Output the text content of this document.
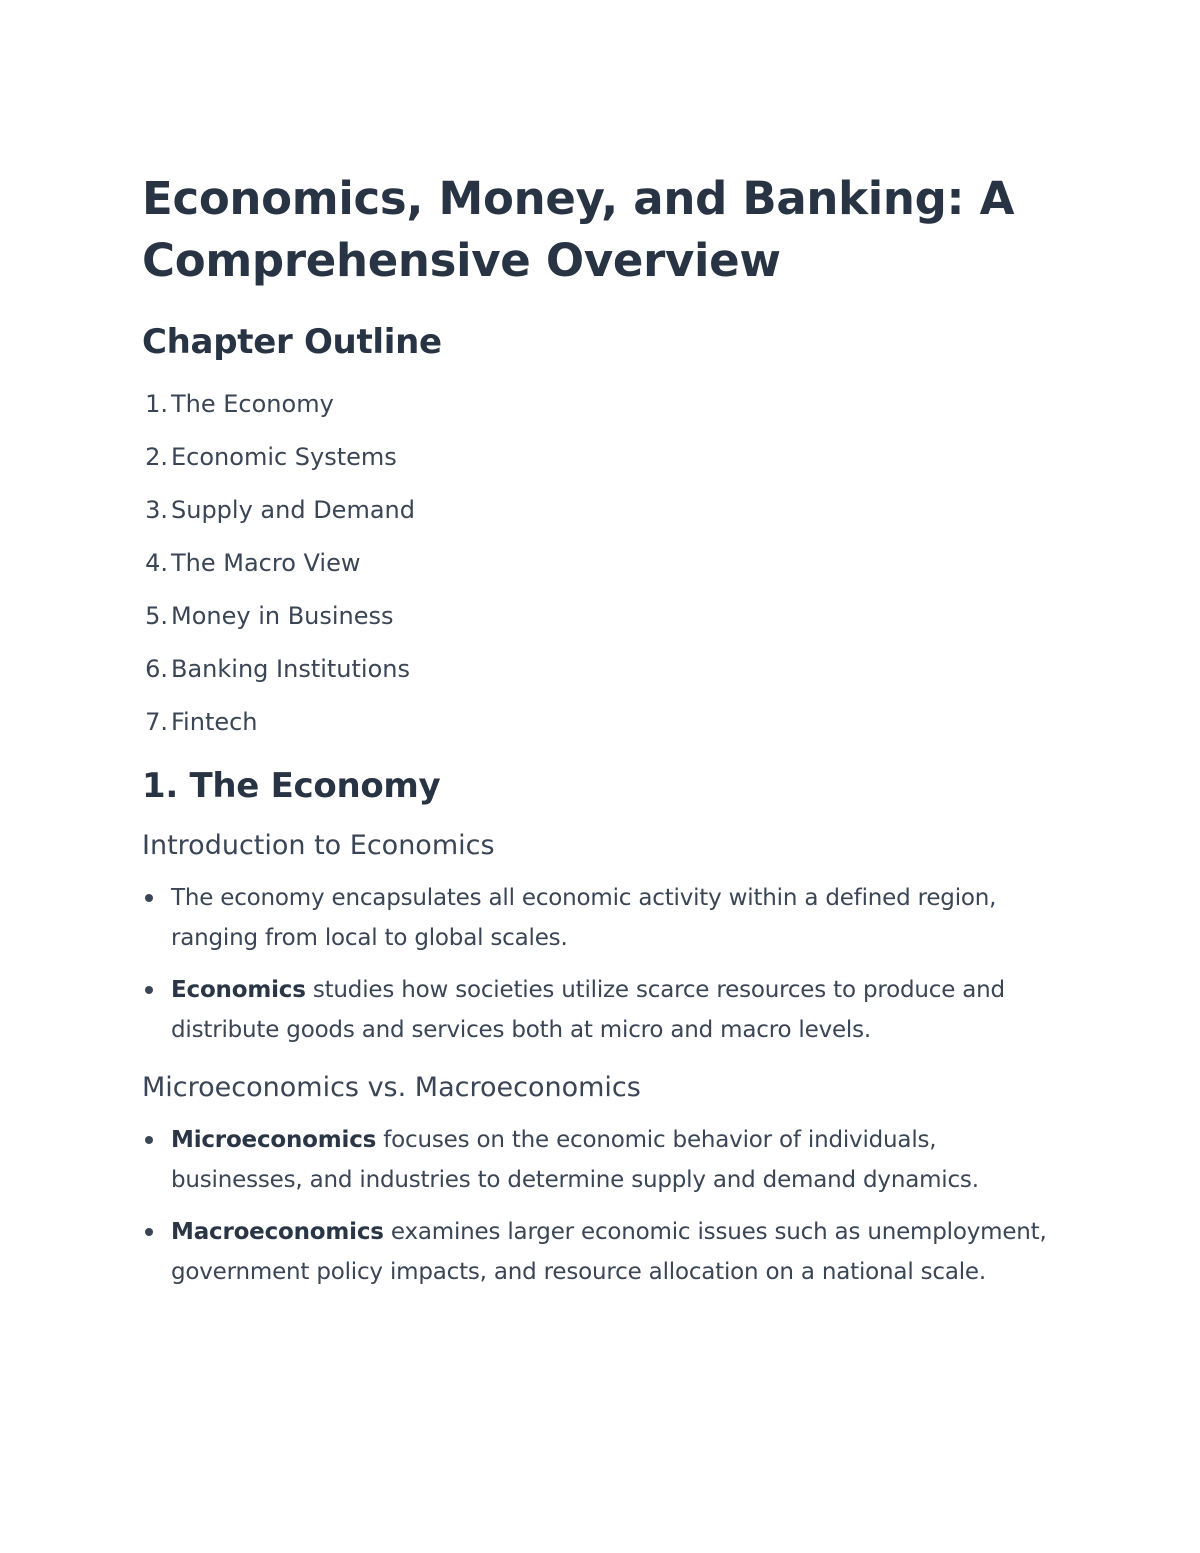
Economics, Money, and Banking: A Comprehensive Overview
Chapter Outline
1. The Economy
2. Economic Systems
3. Supply and Demand
4. The Macro View
5. Money in Business
6. Banking Institutions
7. Fintech
1. The Economy
Introduction to Economics
The economy encapsulates all economic activity within a defined region, ranging from local to global scales.
Economics studies how societies utilize scarce resources to produce and distribute goods and services both at micro and macro levels.
Microeconomics vs. Macroeconomics
Microeconomics focuses on the economic behavior of individuals, businesses, and industries to determine supply and demand dynamics.
Macroeconomics examines larger economic issues such as unemployment, government policy impacts, and resource allocation on a national scale.
